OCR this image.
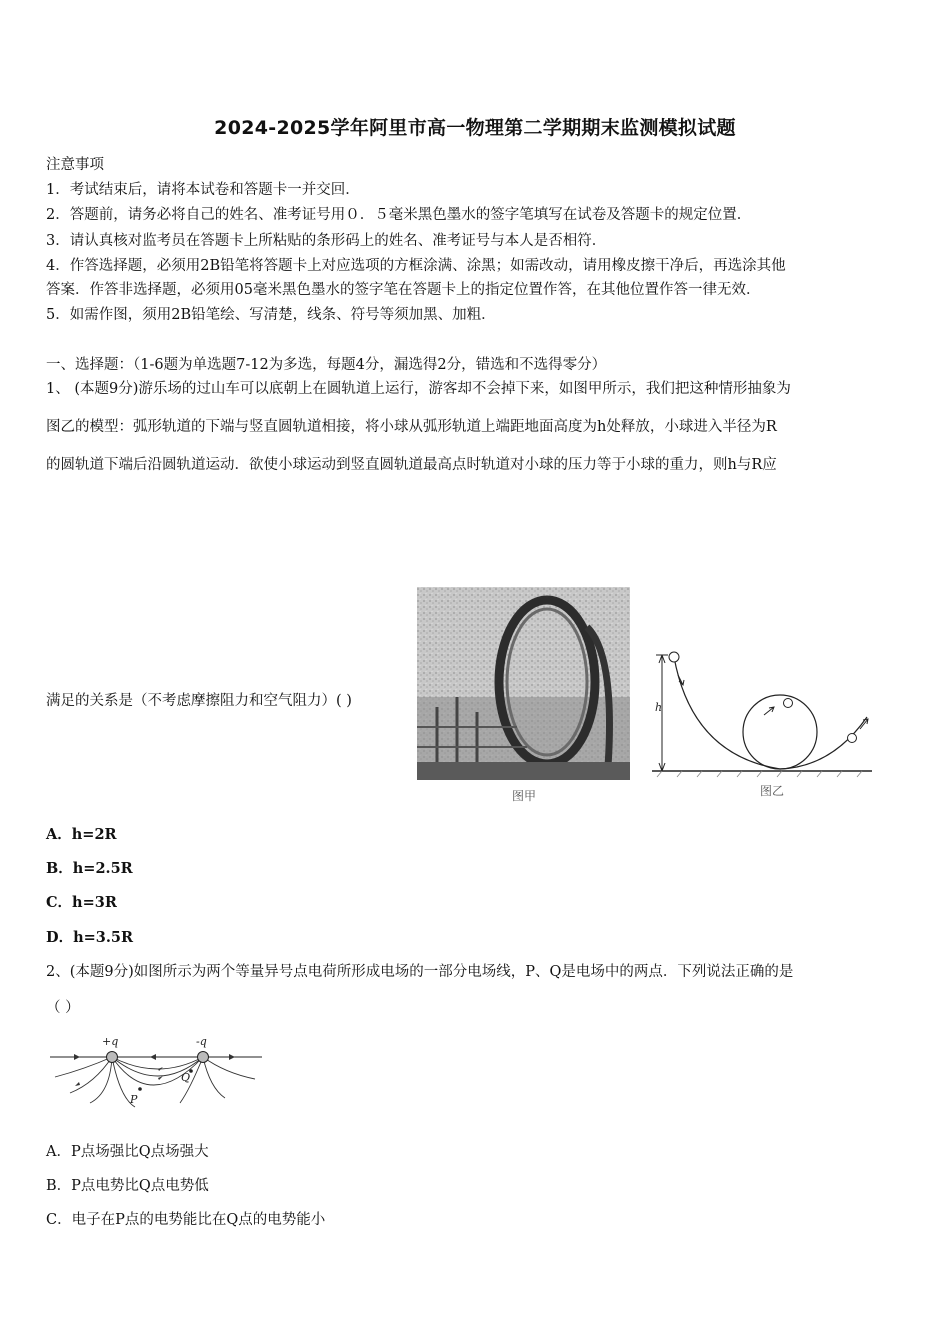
2024-2025学年阿里市高一物理第二学期期末监测模拟试题
注意事项
1．考试结束后，请将本试卷和答题卡一并交回．
2．答题前，请务必将自己的姓名、准考证号用０．５毫米黑色墨水的签字笔填写在试卷及答题卡的规定位置．
3．请认真核对监考员在答题卡上所粘贴的条形码上的姓名、准考证号与本人是否相符．
4．作答选择题，必须用2B铅笔将答题卡上对应选项的方框涂满、涂黑；如需改动，请用橡皮擦干净后，再选涂其他
答案．作答非选择题，必须用05毫米黑色墨水的签字笔在答题卡上的指定位置作答，在其他位置作答一律无效．
5．如需作图，须用2B铅笔绘、写清楚，线条、符号等须加黑、加粗．
一、选择题：（1-6题为单选题7-12为多选，每题4分，漏选得2分，错选和不选得零分）
1、 (本题9分)游乐场的过山车可以底朝上在圆轨道上运行，游客却不会掉下来，如图甲所示，我们把这种情形抽象为
图乙的模型：弧形轨道的下端与竖直圆轨道相接，将小球从弧形轨道上端距地面高度为h处释放，小球进入半径为R
的圆轨道下端后沿圆轨道运动．欲使小球运动到竖直圆轨道最高点时轨道对小球的压力等于小球的重力，则h与R应
满足的关系是（不考虑摩擦阻力和空气阻力）( )
图甲
h
图乙
A．h=2R
B．h=2.5R
C．h=3R
D．h=3.5R
2、(本题9分)如图所示为两个等量异号点电荷所形成电场的一部分电场线，P、Q是电场中的两点．下列说法正确的是
（ ）
+q	-q
P
Q
A．P点场强比Q点场强大
B．P点电势比Q点电势低
C．电子在P点的电势能比在Q点的电势能小
